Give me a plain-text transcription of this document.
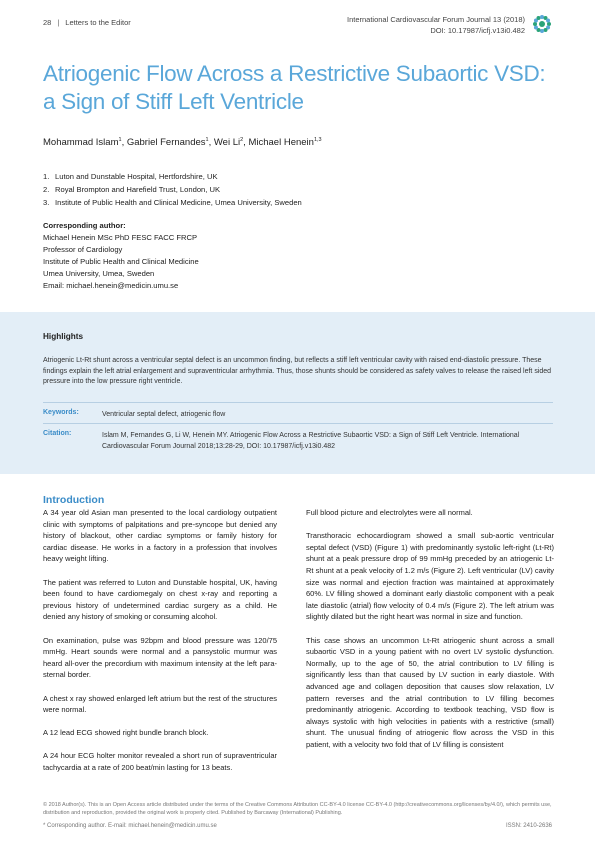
28 | Letters to the Editor	International Cardiovascular Forum Journal 13 (2018)
DOI: 10.17987/icfj.v13i0.482
Atriogenic Flow Across a Restrictive Subaortic VSD: a Sign of Stiff Left Ventricle
Mohammad Islam$^1$, Gabriel Fernandes$^1$, Wei Li$^2$, Michael Henein$^{1,3}$
1. Luton and Dunstable Hospital, Hertfordshire, UK
2. Royal Brompton and Harefield Trust, London, UK
3. Institute of Public Health and Clinical Medicine, Umea University, Sweden
Corresponding author:
Michael Henein MSc PhD FESC FACC FRCP
Professor of Cardiology
Institute of Public Health and Clinical Medicine
Umea University, Umea, Sweden
Email: michael.henein@medicin.umu.se
Highlights
Atriogenic Lt-Rt shunt across a ventricular septal defect is an uncommon finding, but reflects a stiff left ventricular cavity with raised end-diastolic pressure. These findings explain the left atrial enlargement and supraventricular arrhythmia. Thus, those shunts should be considered as safety valves to release the raised left sided pressure into the low pressure right ventricle.
Keywords:	Ventricular septal defect, atriogenic flow
Citation:	Islam M, Fernandes G, Li W, Henein MY. Atriogenic Flow Across a Restrictive Subaortic VSD: a Sign of Stiff Left Ventricle. International Cardiovascular Forum Journal 2018;13:28-29, DOI: 10.17987/icfj.v13i0.482
Introduction

A 34 year old Asian man presented to the local cardiology outpatient clinic with symptoms of palpitations and pre-syncope but denied any history of blackout, other cardiac symptoms or family history for cardiac disease. He works in a factory in a profession that involves heavy weight lifting.

The patient was referred to Luton and Dunstable hospital, UK, having been found to have cardiomegaly on chest x-ray and reporting a previous history of undetermined cardiac surgery as a child. He denied any history of smoking or consuming alcohol.

On examination, pulse was 92bpm and blood pressure was 120/75 mmHg. Heart sounds were normal and a pansystolic murmur was heard all-over the precordium with maximum intensity at the left para-sternal border.

A chest x ray showed enlarged left atrium but the rest of the structures were normal.

A 12 lead ECG showed right bundle branch block.

A 24 hour ECG holter monitor revealed a short run of supraventricular tachycardia at a rate of 200 beat/min lasting for 13 beats.

Full blood picture and electrolytes were all normal.

Transthoracic echocardiogram showed a small sub-aortic ventricular septal defect (VSD) (Figure 1) with predominantly systolic left-right (Lt-Rt) shunt at a peak pressure drop of 99 mmHg preceded by an atriogenic Lt-Rt shunt at a peak velocity of 1.2 m/s (Figure 2). Left ventricular (LV) cavity size was normal and ejection fraction was maintained at approximately 60%. LV filling showed a dominant early diastolic component with a peak late diastolic (atrial) flow velocity of 0.4 m/s (Figure 2). The left atrium was slightly dilated but the right heart was normal in size and function.

This case shows an uncommon Lt-Rt atriogenic shunt across a small subaortic VSD in a young patient with no overt LV systolic dysfunction. Normally, up to the age of 50, the atrial contribution to LV filling is significantly less than that caused by LV suction in early diastole. With advanced age and collagen deposition that causes slow relaxation, LV pattern reverses and the atrial contribution to LV filling becomes predominantly atriogenic. According to textbook teaching, VSD flow is always systolic with high velocities in patients with a restrictive (small) shunt. The unusual finding of atriogenic flow across the VSD in this patient, with a velocity two fold that of LV filling is consistent

© 2018 Author(s). This is an Open Access article distributed under the terms of the Creative Commons Attribution CC-BY-4.0 license CC-BY-4.0 (http://creativecommons.org/licenses/by/4.0/), which permits use, distribution and reproduction, provided the original work is properly cited. Published by Barcaway (International) Publishing.
* Corresponding author. E-mail: michael.henein@medicin.umu.se	ISSN: 2410-2636
